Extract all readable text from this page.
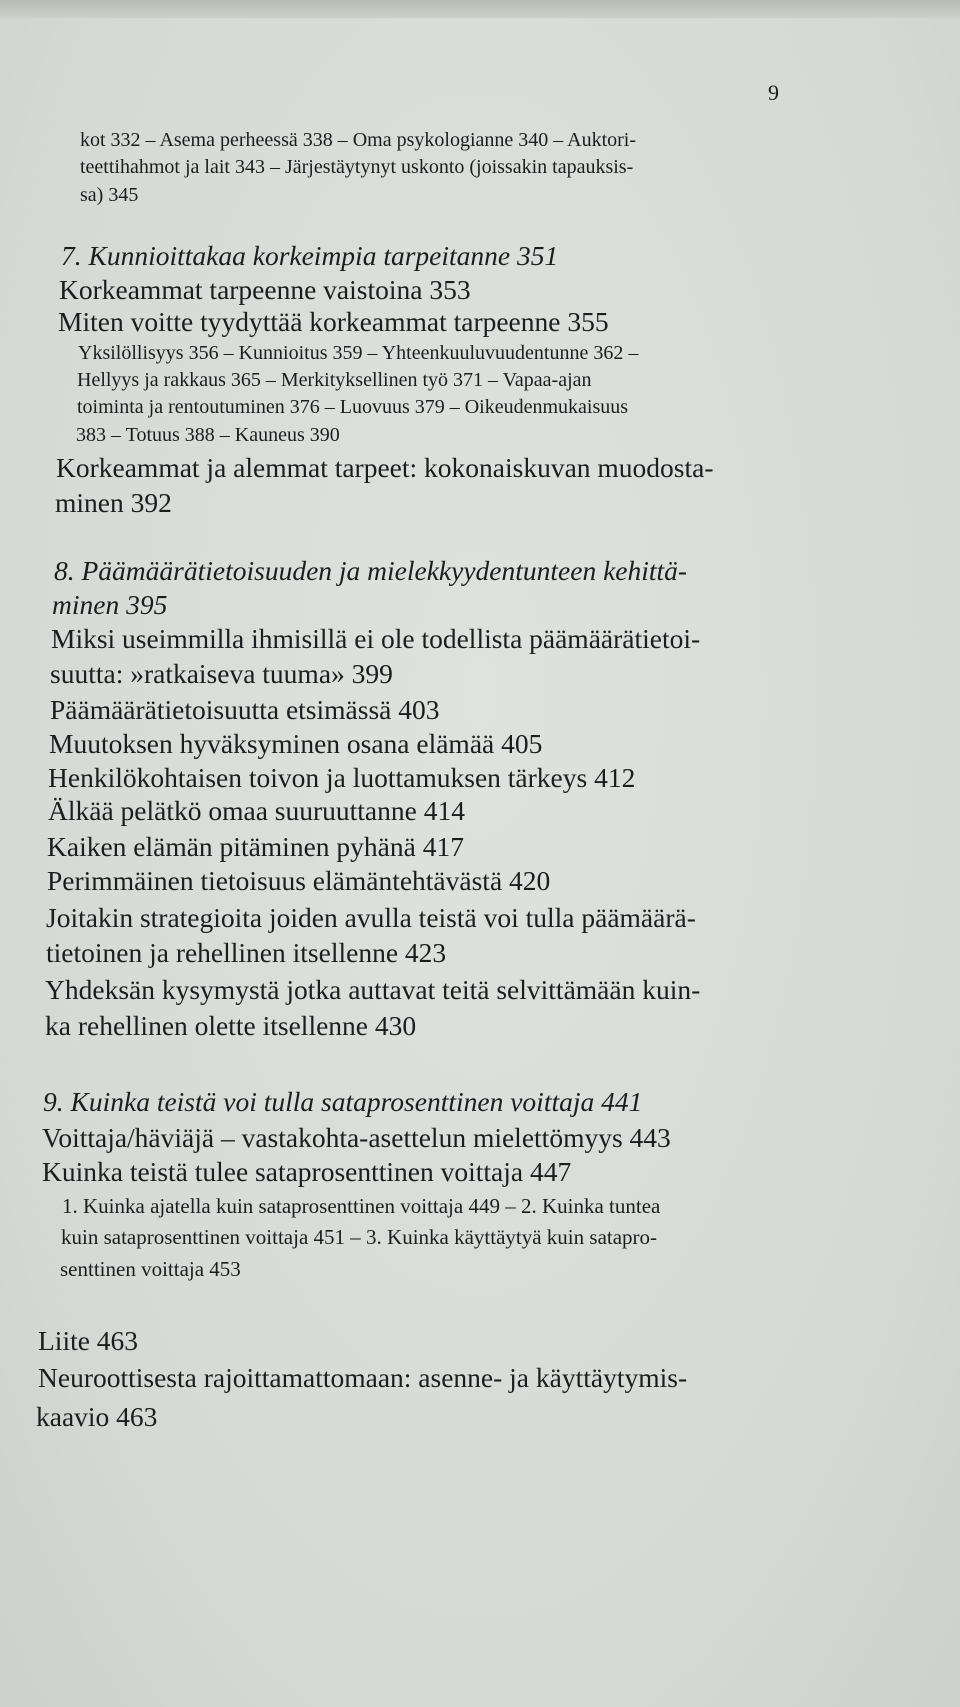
9
kot 332 – Asema perheessä 338 – Oma psykologianne 340 – Auktori-
teettihahmot ja lait 343 – Järjestäytynyt uskonto (joissakin tapauksis-
sa) 345
7. Kunnioittakaa korkeimpia tarpeitanne 351
Korkeammat tarpeenne vaistoina 353
Miten voitte tyydyttää korkeammat tarpeenne 355
Yksilöllisyys 356 – Kunnioitus 359 – Yhteenkuuluvuudentunne 362 –
Hellyys ja rakkaus 365 – Merkityksellinen työ 371 – Vapaa-ajan
toiminta ja rentoutuminen 376 – Luovuus 379 – Oikeudenmukaisuus
383 – Totuus 388 – Kauneus 390
Korkeammat ja alemmat tarpeet: kokonaiskuvan muodosta-
minen 392
8. Päämäärätietoisuuden ja mielekkyydentunteen kehittä-
minen 395
Miksi useimmilla ihmisillä ei ole todellista päämäärätietoi-
suutta: »ratkaiseva tuuma» 399
Päämäärätietoisuutta etsimässä 403
Muutoksen hyväksyminen osana elämää 405
Henkilökohtaisen toivon ja luottamuksen tärkeys 412
Älkää pelätkö omaa suuruuttanne 414
Kaiken elämän pitäminen pyhänä 417
Perimmäinen tietoisuus elämäntehtävästä 420
Joitakin strategioita joiden avulla teistä voi tulla päämäärä-
tietoinen ja rehellinen itsellenne 423
Yhdeksän kysymystä jotka auttavat teitä selvittämään kuin-
ka rehellinen olette itsellenne 430
9. Kuinka teistä voi tulla sataprosenttinen voittaja 441
Voittaja/häviäjä – vastakohta-asettelun mielettömyys 443
Kuinka teistä tulee sataprosenttinen voittaja 447
1. Kuinka ajatella kuin sataprosenttinen voittaja 449 – 2. Kuinka tuntea
kuin sataprosenttinen voittaja 451 – 3. Kuinka käyttäytyä kuin satapro-
senttinen voittaja 453
Liite 463
Neuroottisesta rajoittamattomaan: asenne- ja käyttäytymis-
kaavio 463
